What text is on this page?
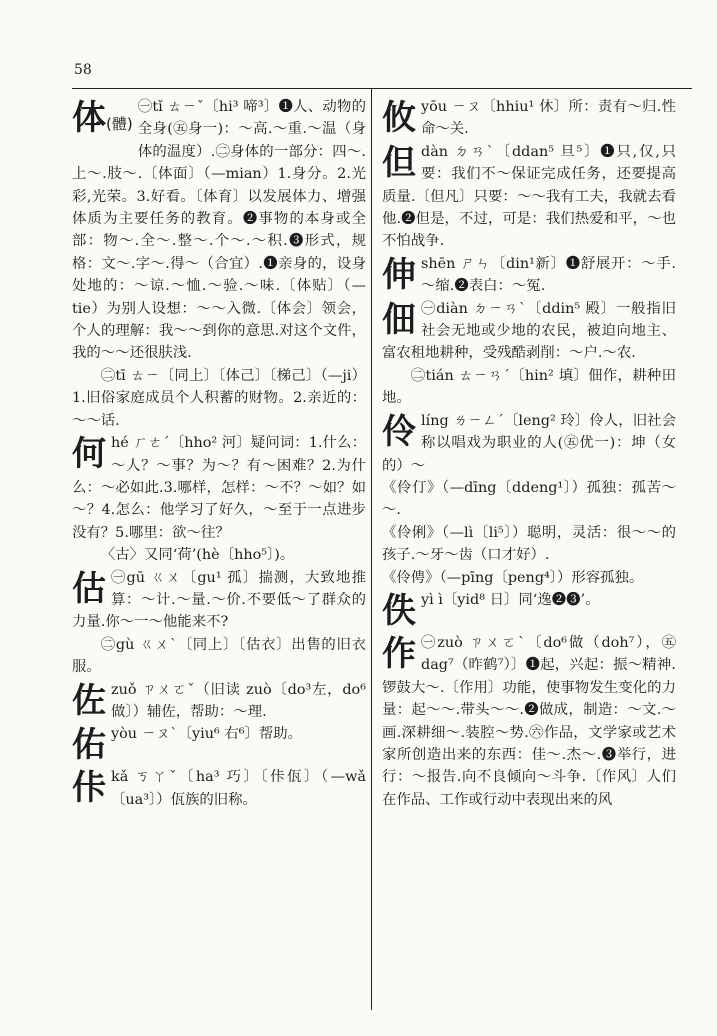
58
体(體)
㊀tǐ ㄊㄧˇ〔hi³ 啼³〕❶人、动物的全身(㊄身一)：～高.～重.～温（身体的温度）.㊁身体的一部分：四～.上～.肢～.〔体面〕（—mian）1.身分。2.光彩,光荣。3.好看。〔体育〕以发展体力、增强体质为主要任务的教育。❷事物的本身或全部：物～.全～.整～.个～.～积.❸形式，规格：文～.字～.得～（合宜）.❶亲身的，设身处地的：～谅.～恤.～验.～味.〔体贴〕（—tie）为别人设想：～～入微.〔体会〕领会，个人的理解：我～～到你的意思.对这个文件，我的～～还很肤浅.
㊁tī ㄊㄧ〔同上〕〔体己〕〔梯己〕（—ji）1.旧俗家庭成员个人积蓄的财物。2.亲近的：～～话.
何 hé ㄏㄜˊ〔hho² 河〕疑问词：1.什么：～人？～事？为～？有～困难？2.为什么：～必如此.3.哪样，怎样：～不？～如？如～？4.怎么：他学习了好久，～至于一点进步没有？5.哪里：欲～往？
〈古〉又同‘荷’(hè〔hho⁵〕)。
估 ㊀gū ㄍㄨ〔gu¹ 孤〕揣测，大致地推算：～计.～量.～价.不要低～了群众的力量.你～一～他能来不?
㊁gù ㄍㄨˋ〔同上〕〔估衣〕出售的旧衣服。
佐 zuǒ ㄗㄨㄛˇ（旧读 zuò〔do³左，do⁶做〕）辅佐，帮助：～理.
佑 yòu ㄧㄡˋ〔yiu⁶ 右⁶〕帮助。
佧 kǎ ㄎㄚˇ〔ha³ 巧〕〔佧佤〕（—wǎ〔ua³〕）佤族的旧称。
攸 yōu ㄧㄡ〔hhiu¹ 休〕所：责有～归.性命～关.
但 dàn ㄉㄢˋ〔ddan⁵ 旦⁵〕❶只,仅,只要：我们不～保证完成任务，还要提高质量.〔但凡〕只要：～～我有工夫，我就去看他.❷但是，不过，可是：我们热爱和平，～也不怕战争.
伸 shēn ㄕㄣ〔din¹新〕❶舒展开：～手.～缩.❷表白：～冤.
佃 ㊀diàn ㄉㄧㄢˋ〔ddin⁵ 殿〕一般指旧社会无地或少地的农民，被迫向地主、富农租地耕种，受残酷剥削：～户.～农.
㊁tián ㄊㄧㄢˊ〔hin² 填〕佃作，耕种田地。
伶 líng ㄌㄧㄥˊ〔leng² 玲〕伶人，旧社会称以唱戏为职业的人(㊄优一)：坤（女的）～
《伶仃》（—dīng〔ddeng¹〕）孤独：孤苦～～.
《伶俐》（—lì〔li⁵〕）聪明，灵活：很～～的孩子.～牙～齿（口才好）.
《伶俜》（—pīng〔peng⁴〕）形容孤独。
佚 yì ì〔yid⁸ 日〕同‘逸❷❸’。
作 ㊀zuò ㄗㄨㄛˋ〔do⁶做（doh⁷），㊄dag⁷（昨鹤⁷）〕❶起，兴起：振～精神.锣鼓大～.〔作用〕功能，使事物发生变化的力量：起～～.带头～～.❷做成，制造：～文.～画.深耕细～.装腔～势.㊅作品，文学家或艺术家所创造出来的东西：佳～.杰～.❸举行，进行：～报告.向不良倾向～斗争.〔作风〕人们在作品、工作或行动中表现出来的风
